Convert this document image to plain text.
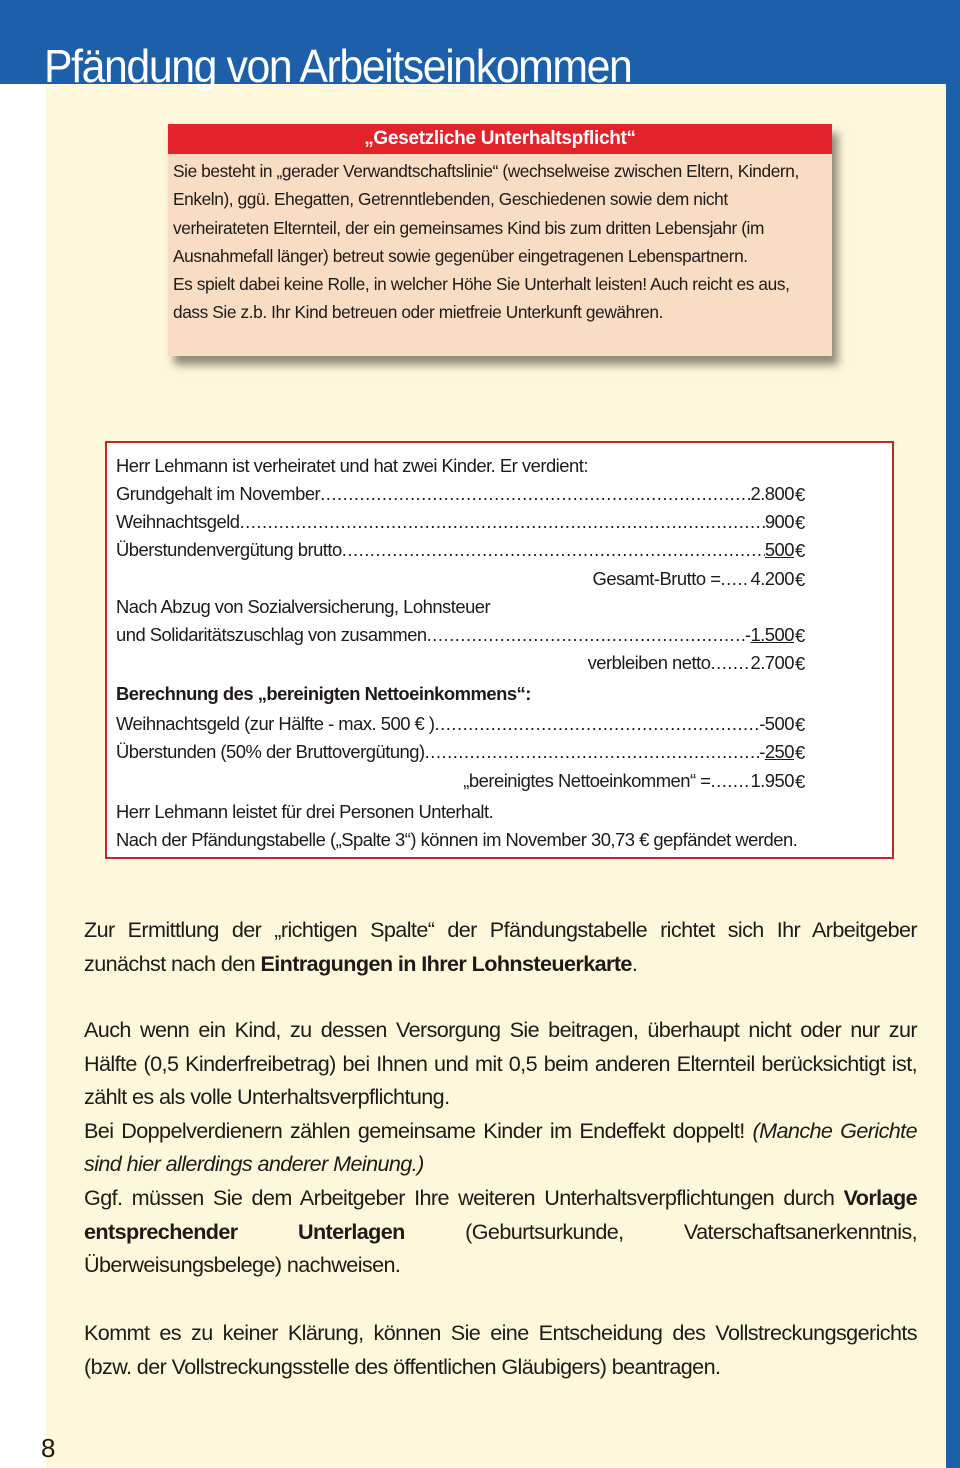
Pfändung von Arbeitseinkommen
„Gesetzliche Unterhaltspflicht“

Sie besteht in „gerader Verwandtschaftslinie“ (wechselweise zwischen Eltern, Kindern, Enkeln), ggü. Ehegatten, Getrenntlebenden, Geschiedenen sowie dem nicht verheirateten Elternteil, der ein gemeinsames Kind bis zum dritten Lebensjahr (im Ausnahmefall länger) betreut sowie gegenüber eingetragenen Lebenspartnern.

Es spielt dabei keine Rolle, in welcher Höhe Sie Unterhalt leisten! Auch reicht es aus, dass Sie z.b. Ihr Kind betreuen oder mietfreie Unterkunft gewähren.

Herr Lehmann ist verheiratet und hat zwei Kinder. Er verdient:
Grundgehalt im November .....	2.800 €
Weihnachtsgeld .....	900 €
Überstundenvergütung brutto .....	500 €
Gesamt-Brutto = ..... 4.200 €
Nach Abzug von Sozialversicherung, Lohnsteuer
und Solidaritätszuschlag von zusammen .....	- 1.500 €
verbleiben netto ..... 2.700 €
Berechnung des „bereinigten Nettoeinkommens“:
Weihnachtsgeld (zur Hälfte - max. 500 € ) .....	-500 €
Überstunden (50% der Bruttovergütung) .....	- 250 €
„bereinigtes Nettoeinkommen“ = ..... 1.950 €
Herr Lehmann leistet für drei Personen Unterhalt.
Nach der Pfändungstabelle („Spalte 3“) können im November 30,73 € gepfändet werden.

Zur Ermittlung der „richtigen Spalte“ der Pfändungstabelle richtet sich Ihr Arbeitgeber zunächst nach den Eintragungen in Ihrer Lohnsteuerkarte.

Auch wenn ein Kind, zu dessen Versorgung Sie beitragen, überhaupt nicht oder nur zur Hälfte (0,5 Kinderfreibetrag) bei Ihnen und mit 0,5 beim anderen Elternteil berücksichtigt ist, zählt es als volle Unterhaltsverpflichtung.

Bei Doppelverdienern zählen gemeinsame Kinder im Endeffekt doppelt! (Manche Gerichte sind hier allerdings anderer Meinung.)

Ggf. müssen Sie dem Arbeitgeber Ihre weiteren Unterhaltsverpflichtungen durch Vorlage entsprechender Unterlagen (Geburtsurkunde, Vaterschaftsanerkenntnis, Überweisungsbelege) nachweisen.

Kommt es zu keiner Klärung, können Sie eine Entscheidung des Vollstreckungsgerichts (bzw. der Vollstreckungsstelle des öffentlichen Gläubigers) beantragen.

8
